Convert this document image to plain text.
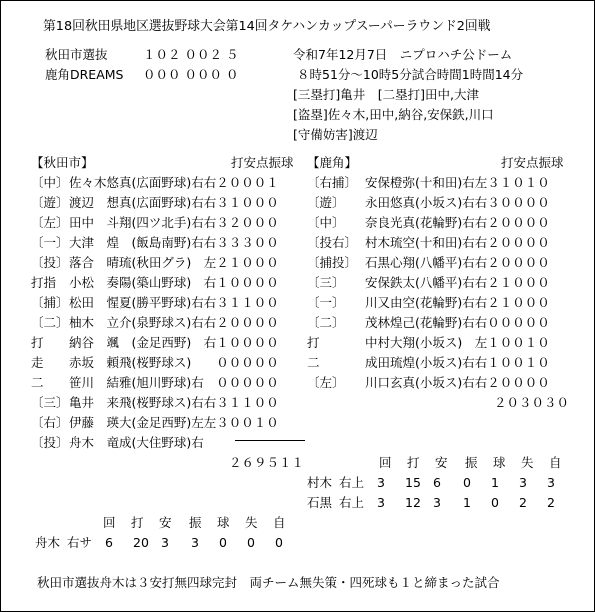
第18回秋田県地区選抜野球大会第14回タケハンカップスーパーラウンド2回戦
秋田市選抜	１０２ ００２ ５
鹿角DREAMS ０００ ０００ ０
令和7年12月7日　ニプロハチ公ドーム
８時51分～10時5分試合時間1時間14分
[三塁打]亀井　[二塁打]田中,大津
[盗塁]佐々木,田中,納谷,安保鉄,川口
[守備妨害]渡辺
【秋田市】	打安点振球 【鹿角】	打安点振球
〔中〕 佐々木悠真(広面野球)右右２０００１
〔遊〕 渡辺　想真(広面野球)右右３１０００
〔左〕 田中　斗翔(四ツ北手)右右３２０００
〔一〕 大津　煌　(飯島南野)右右３３３００
〔投〕 落合　晴琉(秋田グラ)　左２１０００
打指 小松　奏陽(築山野球)　右１００００
〔捕〕 松田　惺夏(勝平野球)右右３１１００
〔二〕 柚木　立介(泉野球ス)右右２００００
打 納谷　颯　(金足西野)　右１００００
走 赤坂　頼飛(桜野球ス)　　０００００
二 笹川　結雅(旭川野球)右　０００００
〔三〕 亀井　来飛(桜野球ス)右右３１１００
〔右〕 伊藤　瑛大(金足西野)左左３００１０
〔投〕 舟木　竜成(大住野球)右
〔右捕〕 安保橙弥(十和田)右左３１０１０
〔遊〕 永田悠真(小坂ス)右右３００００
〔中〕 奈良光真(花輪野)右右２００００
〔投右〕 村木琉空(十和田)右右２００００
〔捕投〕 石黒心翔(八幡平)右右２００００
〔三〕 安保鉄太(八幡平)右右２１０００
〔一〕 川又由空(花輪野)右右２１０００
〔二〕 茂林煌己(花輪野)右右０００００
打	中村大翔(小坂ス)　左１００１０
二	成田琉煌(小坂ス)右右１００１０
〔左〕 川口玄真(小坂ス)右右２００００
２６９５１１
２０３０３０
回 打 安 振 球 失 自
村木 右上 3 15 6 0 1 3 3
石黒 右上 3 12 3 1 0 2 2
回 打 安 振 球 失 自
舟木 右サ 6 20 3 3 0 0 0
秋田市選抜舟木は３安打無四球完封　両チーム無失策・四死球も１と締まった試合
